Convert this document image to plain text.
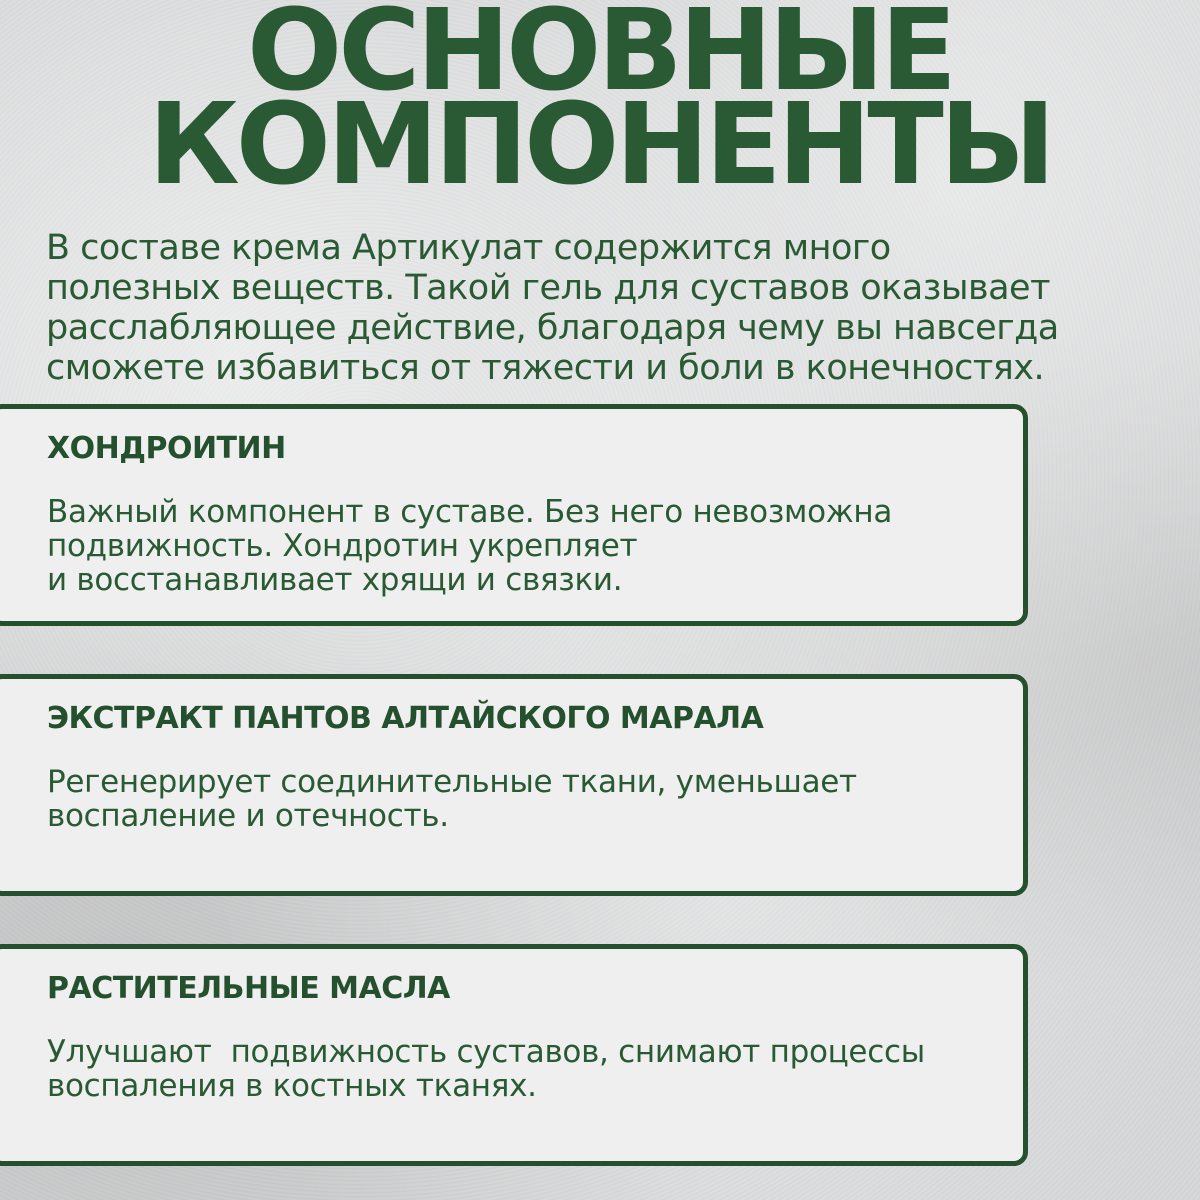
ОСНОВНЫЕ
КОМПОНЕНТЫ

В составе крема Артикулат содержится много
полезных веществ. Такой гель для суставов оказывает
расслабляющее действие, благодаря чему вы навсегда
сможете избавиться от тяжести и боли в конечностях.

ХОНДРОИТИН
Важный компонент в суставе. Без него невозможна
подвижность. Хондротин укрепляет
и восстанавливает хрящи и связки.
ЭКСТРАКТ ПАНТОВ АЛТАЙСКОГО МАРАЛА
Регенерирует соединительные ткани, уменьшает
воспаление и отечность.
РАСТИТЕЛЬНЫЕ МАСЛА
Улучшают  подвижность суставов, снимают процессы
воспаления в костных тканях.
